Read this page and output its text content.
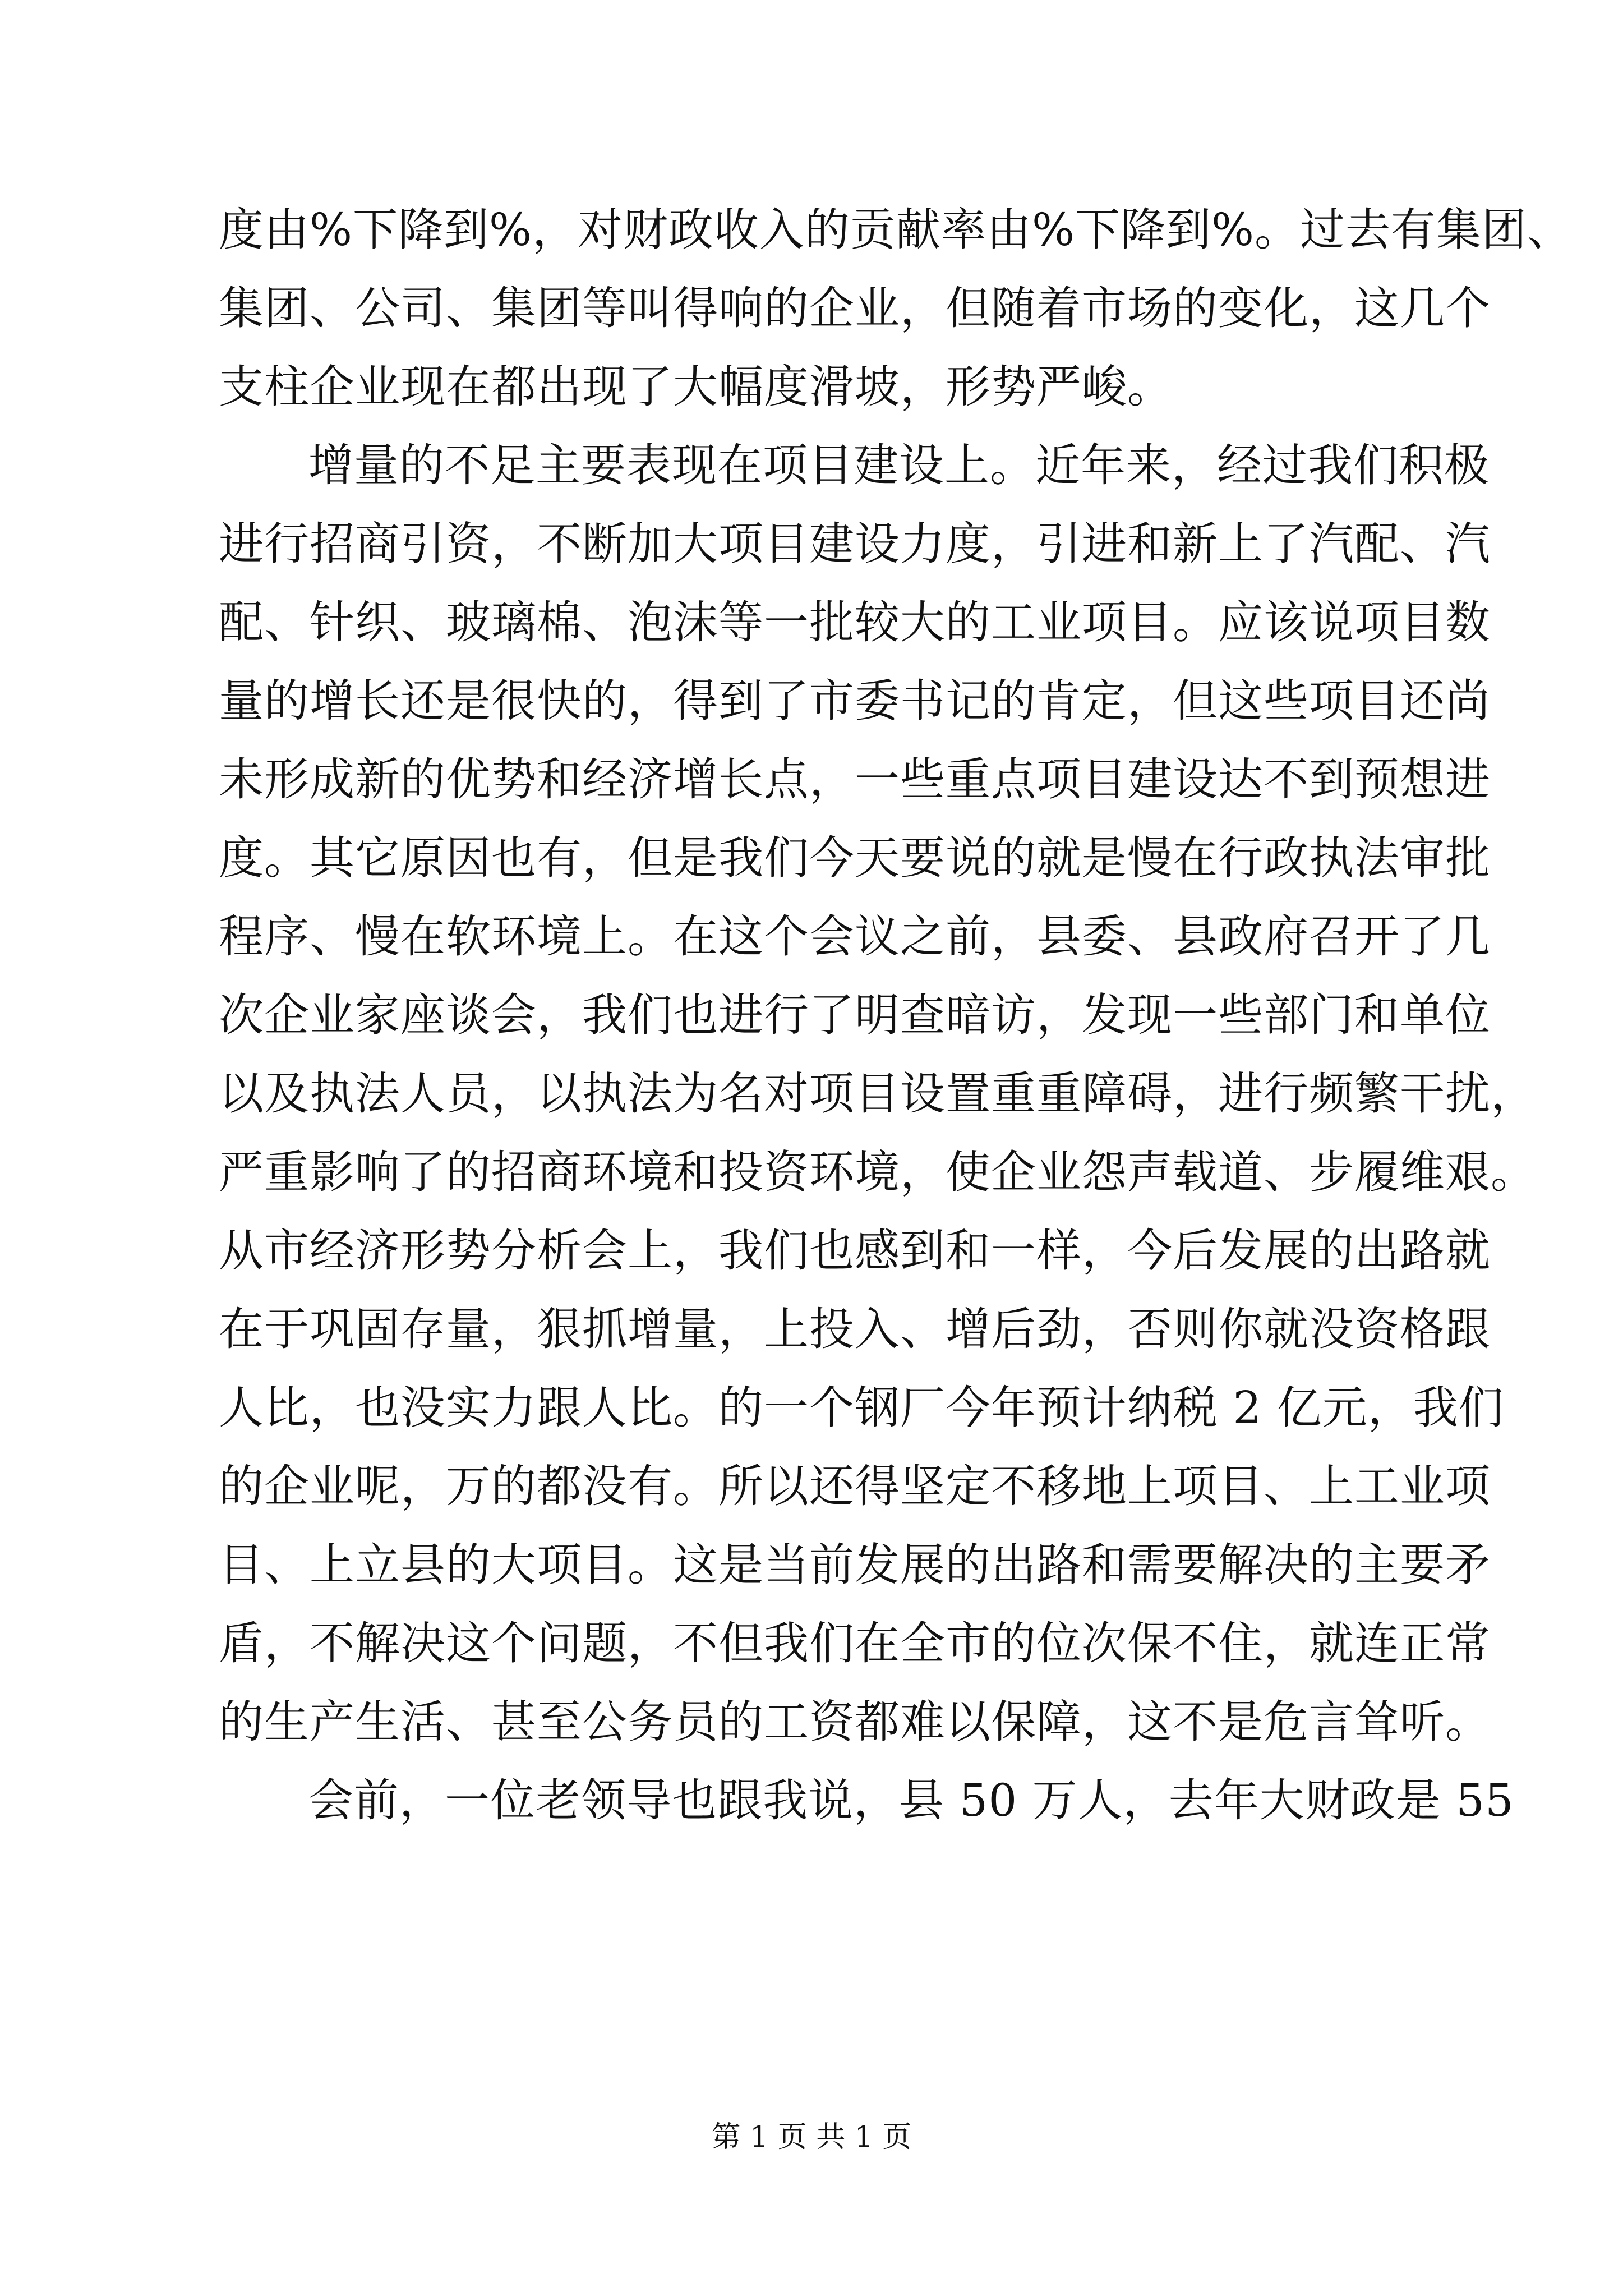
度由%下降到%，对财政收入的贡献率由%下降到%。过去有集团、
集团、公司、集团等叫得响的企业，但随着市场的变化，这几个
支柱企业现在都出现了大幅度滑坡，形势严峻。
增量的不足主要表现在项目建设上。近年来，经过我们积极
进行招商引资，不断加大项目建设力度，引进和新上了汽配、汽
配、针织、玻璃棉、泡沫等一批较大的工业项目。应该说项目数
量的增长还是很快的，得到了市委书记的肯定，但这些项目还尚
未形成新的优势和经济增长点，一些重点项目建设达不到预想进
度。其它原因也有，但是我们今天要说的就是慢在行政执法审批
程序、慢在软环境上。在这个会议之前，县委、县政府召开了几
次企业家座谈会，我们也进行了明查暗访，发现一些部门和单位
以及执法人员，以执法为名对项目设置重重障碍，进行频繁干扰，
严重影响了的招商环境和投资环境，使企业怨声载道、步履维艰。
从市经济形势分析会上，我们也感到和一样，今后发展的出路就
在于巩固存量，狠抓增量，上投入、增后劲，否则你就没资格跟
人比，也没实力跟人比。的一个钢厂今年预计纳税 2 亿元，我们
的企业呢，万的都没有。所以还得坚定不移地上项目、上工业项
目、上立县的大项目。这是当前发展的出路和需要解决的主要矛
盾，不解决这个问题，不但我们在全市的位次保不住，就连正常
的生产生活、甚至公务员的工资都难以保障，这不是危言耸听。
会前，一位老领导也跟我说，县 50 万人，去年大财政是 55
第 1 页 共 1 页
